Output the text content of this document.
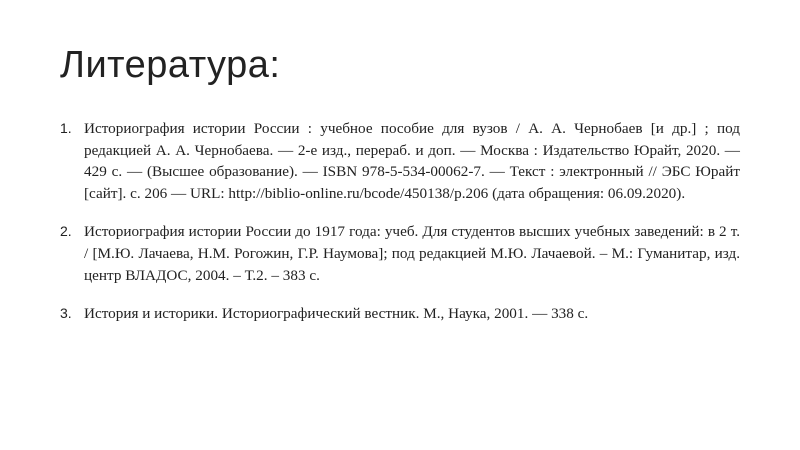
Литература:
1. Историография истории России : учебное пособие для вузов / А. А. Чернобаев [и др.] ; под редакцией А. А. Чернобаева. — 2-е изд., перераб. и доп. — Москва : Издательство Юрайт, 2020. — 429 с. — (Высшее образование). — ISBN 978-5-534-00062-7. — Текст : электронный // ЭБС Юрайт [сайт]. с. 206 — URL: http://biblio-online.ru/bcode/450138/p.206 (дата обращения: 06.09.2020).
2. Историография истории России до 1917 года: учеб. Для студентов высших учебных заведений: в 2 т. / [М.Ю. Лачаева, Н.М. Рогожин, Г.Р. Наумова]; под редакцией М.Ю. Лачаевой. – М.: Гуманитар, изд. центр ВЛАДОС, 2004. – Т.2. – 383 с.
3. История и историки. Историографический вестник. М., Наука, 2001. — 338 с.
